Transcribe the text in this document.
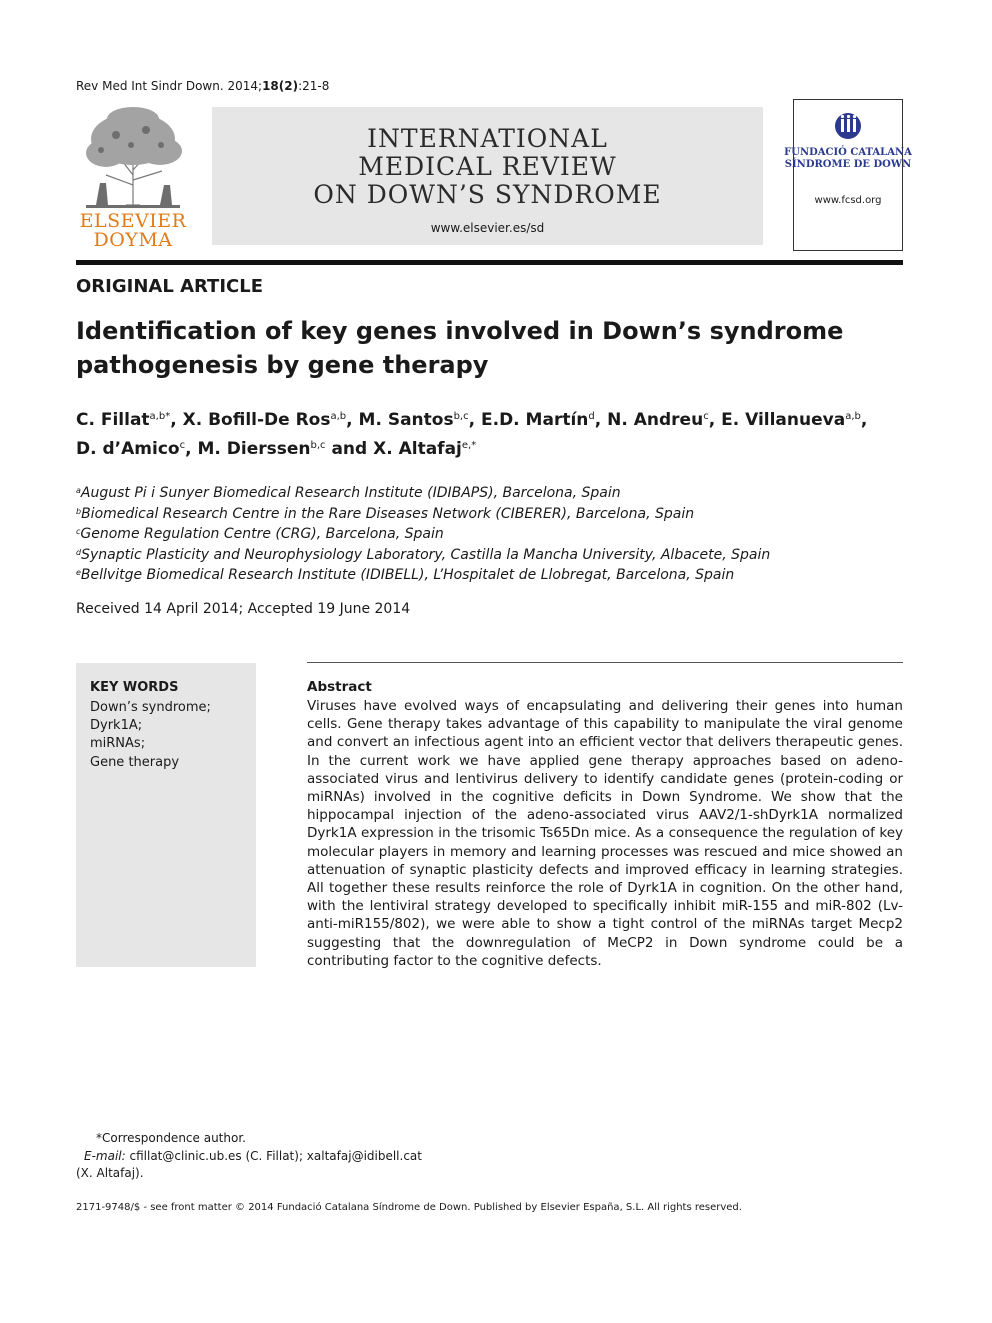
Rev Med Int Sindr Down. 2014;18(2):21-8
ELSEVIER
DOYMA
INTERNATIONAL
MEDICAL REVIEW
ON DOWN’S SYNDROME
www.elsevier.es/sd
FUNDACIÓ CATALANA
SÍNDROME DE DOWN
www.fcsd.org
ORIGINAL ARTICLE
Identification of key genes involved in Down’s syndrome pathogenesis by gene therapy
C. Fillat$^{a,b*}$, X. Bofill-De Ros$^{a,b}$, M. Santos$^{b,c}$, E.D. Martín$^d$, N. Andreu$^c$, E. Villanueva$^{a,b}$,
D. d’Amico$^c$, M. Dierssen$^{b,c}$ and X. Altafaj$^{e,*}$
$^a$August Pi i Sunyer Biomedical Research Institute (IDIBAPS), Barcelona, Spain
$^b$Biomedical Research Centre in the Rare Diseases Network (CIBERER), Barcelona, Spain
$^c$Genome Regulation Centre (CRG), Barcelona, Spain
$^d$Synaptic Plasticity and Neurophysiology Laboratory, Castilla la Mancha University, Albacete, Spain
$^e$Bellvitge Biomedical Research Institute (IDIBELL), L’Hospitalet de Llobregat, Barcelona, Spain
Received 14 April 2014; Accepted 19 June 2014
KEY WORDS
Down’s syndrome;
Dyrk1A;
miRNAs;
Gene therapy
Abstract
Viruses have evolved ways of encapsulating and delivering their genes into human cells. Gene therapy takes advantage of this capability to manipulate the viral genome and convert an infectious agent into an efficient vector that delivers therapeutic genes. In the current work we have applied gene therapy approaches based on adeno-associated virus and lentivirus delivery to identify candidate genes (protein-coding or miRNAs) involved in the cognitive deficits in Down Syndrome. We show that the hippocampal injection of the adeno-associated virus AAV2/1-shDyrk1A normalized Dyrk1A expression in the trisomic Ts65Dn mice. As a consequence the regulation of key molecular players in memory and learning processes was rescued and mice showed an attenuation of synaptic plasticity defects and improved efficacy in learning strategies. All together these results reinforce the role of Dyrk1A in cognition. On the other hand, with the lentiviral strategy developed to specifically inhibit miR-155 and miR-802 (Lv-anti-miR155/802), we were able to show a tight control of the miRNAs target Mecp2 suggesting that the downregulation of MeCP2 in Down syndrome could be a contributing factor to the cognitive defects.
*Correspondence author.
E-mail: cfillat@clinic.ub.es (C. Fillat); xaltafaj@idibell.cat
(X. Altafaj).
2171-9748/$ - see front matter © 2014 Fundació Catalana Síndrome de Down. Published by Elsevier España, S.L. All rights reserved.
